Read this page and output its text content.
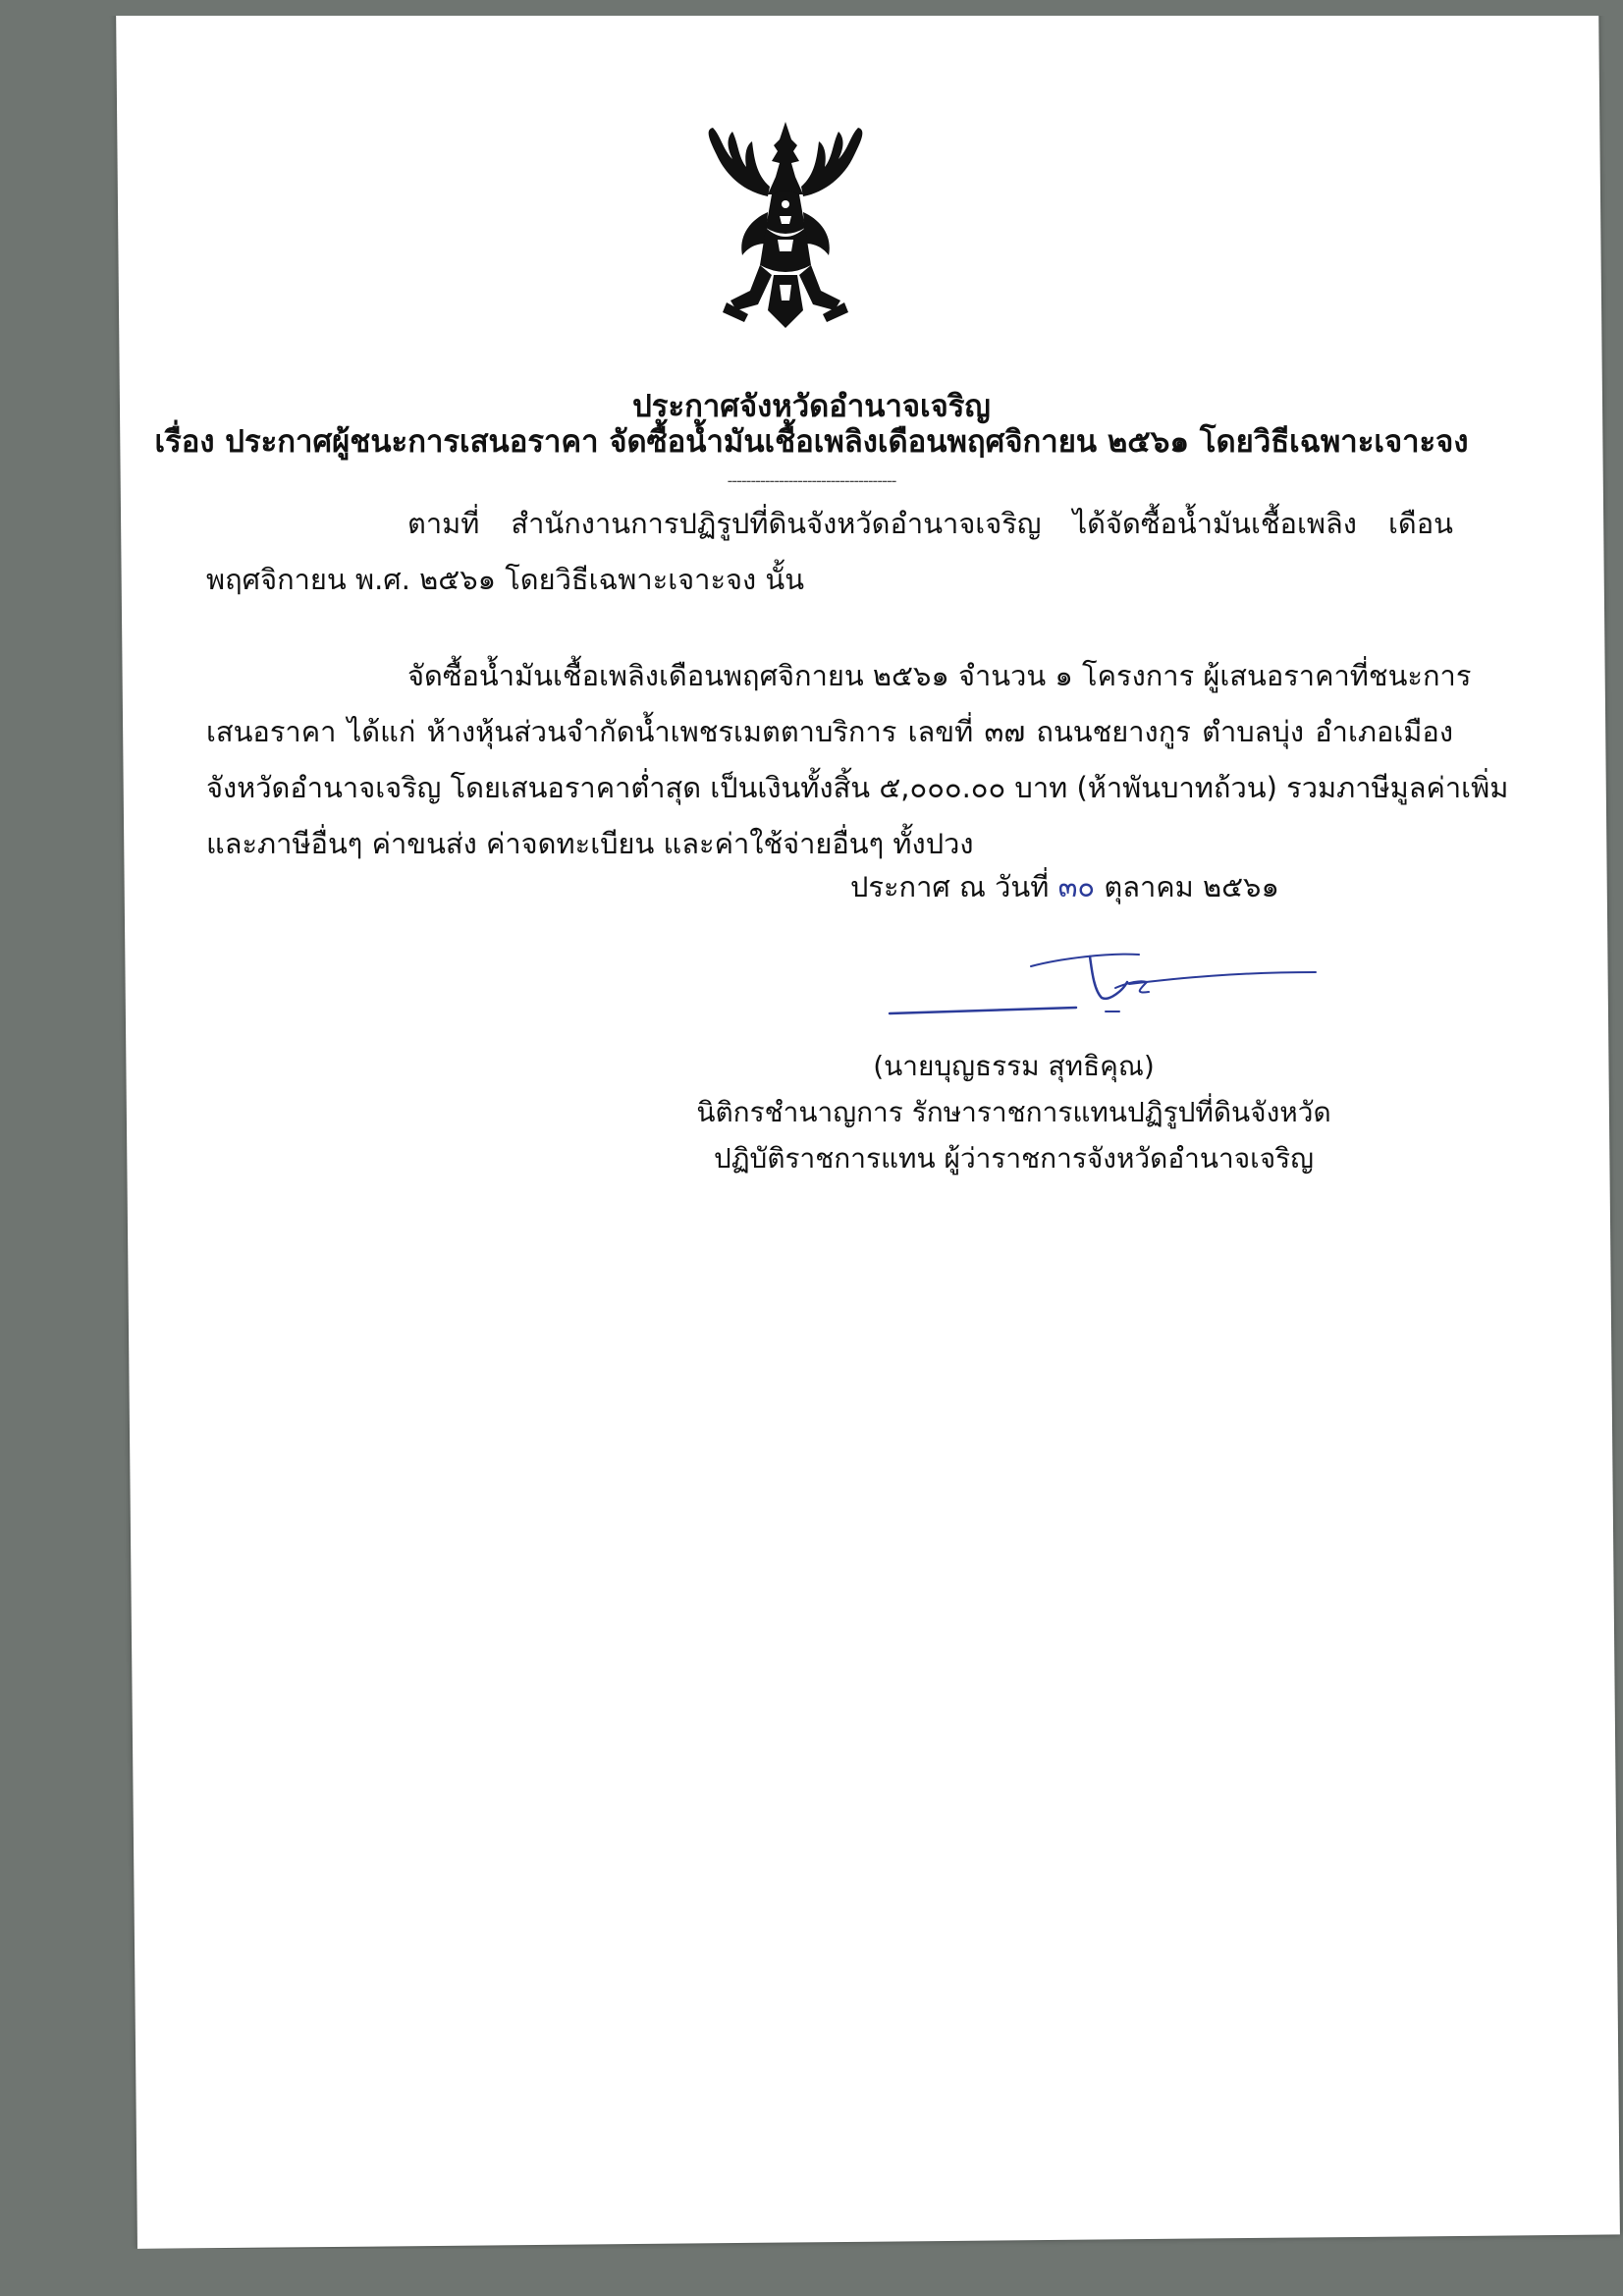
ประกาศจังหวัดอำนาจเจริญ
เรื่อง ประกาศผู้ชนะการเสนอราคา จัดซื้อน้ำมันเชื้อเพลิงเดือนพฤศจิกายน ๒๕๖๑ โดยวิธีเฉพาะเจาะจง
------------------------------------
ตามที่ สำนักงานการปฏิรูปที่ดินจังหวัดอำนาจเจริญ ได้จัดซื้อน้ำมันเชื้อเพลิง เดือน
พฤศจิกายน พ.ศ. ๒๕๖๑ โดยวิธีเฉพาะเจาะจง นั้น
จัดซื้อน้ำมันเชื้อเพลิงเดือนพฤศจิกายน ๒๕๖๑ จำนวน ๑ โครงการ ผู้เสนอราคาที่ชนะการ
เสนอราคา ได้แก่ ห้างหุ้นส่วนจำกัดน้ำเพชรเมตตาบริการ เลขที่ ๓๗ ถนนชยางกูร ตำบลบุ่ง อำเภอเมือง
จังหวัดอำนาจเจริญ โดยเสนอราคาต่ำสุด เป็นเงินทั้งสิ้น ๕,๐๐๐.๐๐ บาท (ห้าพันบาทถ้วน) รวมภาษีมูลค่าเพิ่ม
และภาษีอื่นๆ ค่าขนส่ง ค่าจดทะเบียน และค่าใช้จ่ายอื่นๆ ทั้งปวง
ประกาศ ณ วันที่ ๓๐ ตุลาคม ๒๕๖๑
(นายบุญธรรม สุทธิคุณ)
นิติกรชำนาญการ รักษาราชการแทนปฏิรูปที่ดินจังหวัด
ปฏิบัติราชการแทน ผู้ว่าราชการจังหวัดอำนาจเจริญ
